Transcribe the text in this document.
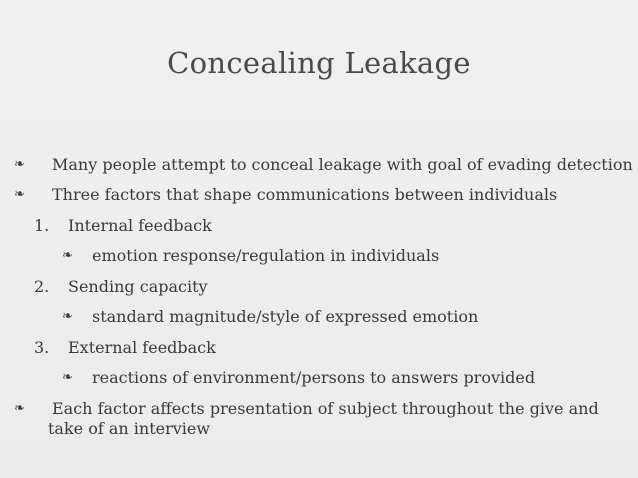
Concealing Leakage
❧ Many people attempt to conceal leakage with goal of evading detection
❧ Three factors that shape communications between individuals
1. Internal feedback
❧ emotion response/regulation in individuals
2. Sending capacity
❧ standard magnitude/style of expressed emotion
3. External feedback
❧ reactions of environment/persons to answers provided
❧ Each factor affects presentation of subject throughout the give and take of an interview
